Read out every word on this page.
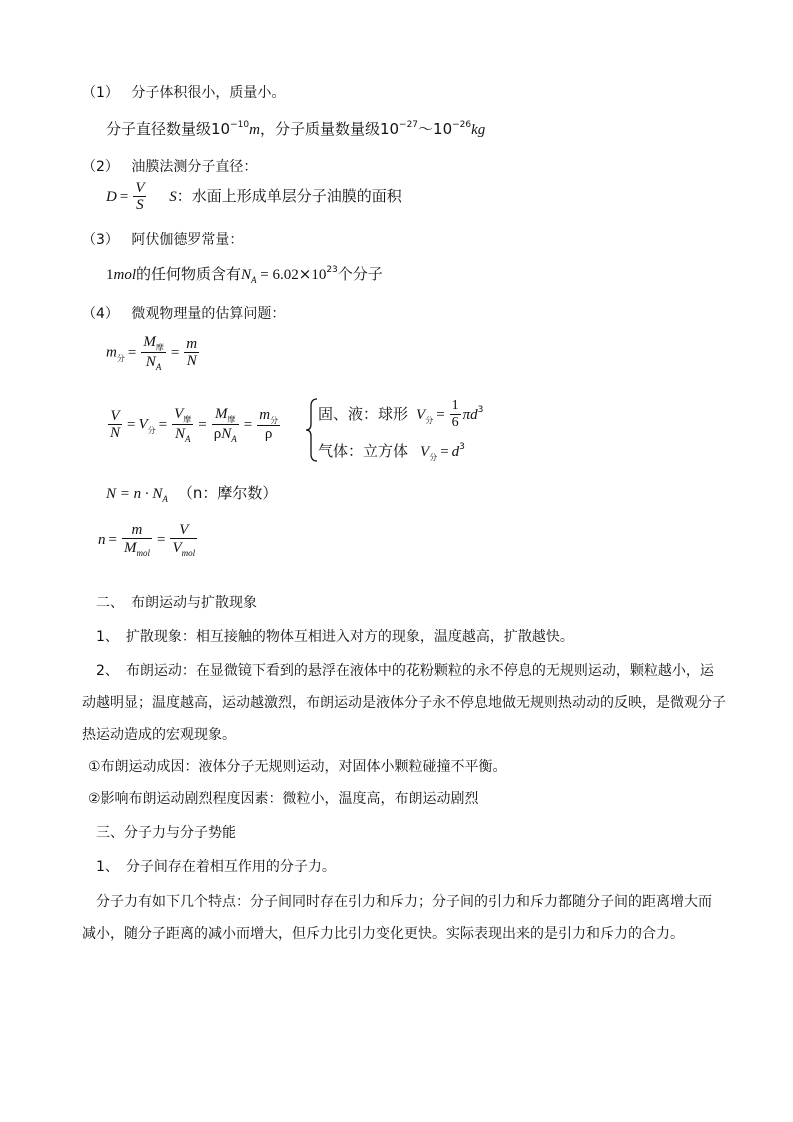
（1） 分子体积很小，质量小。
分子直径数量级$10^{-10}m$，分子质量数量级$10^{-27}\sim 10^{-26}kg$
（2） 油膜法测分子直径：
$D = \frac{V}{S}$ S：水面上形成单层分子油膜的面积
（3） 阿伏伽德罗常量：
1mol的任何物质含有$N_A = 6.02\times 10^{23}$个分子
（4） 微观物理量的估算问题：
$m_分 = \frac{M_摩}{N_A} = \frac{m}{N}$
$\frac{V}{N} = V_分 = \frac{V_摩}{N_A} = \frac{M_摩}{\rho N_A} = \frac{m_分}{\rho}$	固、液：球形 $V_分 = \frac{1}{6} \pi d^3$
气体：立方体 $V_分 = d^3$
$N = n \cdot N_A$ （n：摩尔数）
$n = \frac{m}{M_{mol}} = \frac{V}{V_{mol}}$
二、　布朗运动与扩散现象
1、　扩散现象：相互接触的物体互相进入对方的现象，温度越高，扩散越快。
2、　布朗运动：在显微镜下看到的悬浮在液体中的花粉颗粒的永不停息的无规则运动，颗粒越小，运
动越明显；温度越高，运动越激烈，布朗运动是液体分子永不停息地做无规则热动动的反映，是微观分子
热运动造成的宏观现象。
①布朗运动成因：液体分子无规则运动，对固体小颗粒碰撞不平衡。
②影响布朗运动剧烈程度因素：微粒小，温度高，布朗运动剧烈
三、分子力与分子势能
1、　分子间存在着相互作用的分子力。
分子力有如下几个特点：分子间同时存在引力和斥力；分子间的引力和斥力都随分子间的距离增大而
减小，随分子距离的减小而增大，但斥力比引力变化更快。实际表现出来的是引力和斥力的合力。
